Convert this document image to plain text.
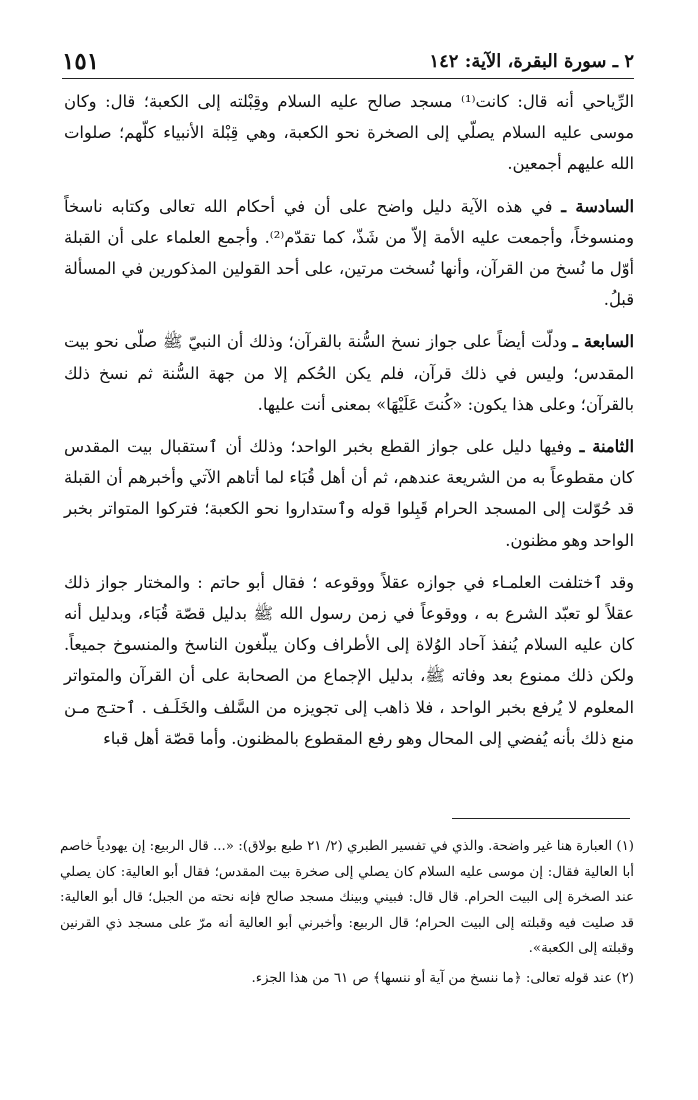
١٥١	٢ ـ سورة البقرة، الآية: ١٤٢

الرِّياحي أنه قال: كانت⁽¹⁾ مسجد صالح عليه السلام وقِبْلته إلى الكعبة؛ قال: وكان موسى عليه السلام يصلّي إلى الصخرة نحو الكعبة، وهي قِبْلة الأنبياء كلّهم؛ صلوات الله عليهم أجمعين.

السادسة ـ في هذه الآية دليل واضح على أن في أحكام الله تعالى وكتابه ناسخاً ومنسوخاً، وأجمعت عليه الأمة إلاّ من شَذّ، كما تقدّم⁽²⁾. وأجمع العلماء على أن القبلة أوّل ما نُسخ من القرآن، وأنها نُسخت مرتين، على أحد القولين المذكورين في المسألة قبلُ.

السابعة ـ ودلّت أيضاً على جواز نسخ السُّنة بالقرآن؛ وذلك أن النبيّ ﷺ صلّى نحو بيت المقدس؛ وليس في ذلك قرآن، فلم يكن الحُكم إلا من جهة السُّنة ثم نسخ ذلك بالقرآن؛ وعلى هذا يكون: «كُنتَ عَلَيْهَا» بمعنى أنت عليها.

الثامنة ـ وفيها دليل على جواز القطع بخبر الواحد؛ وذلك أن ٱستقبال بيت المقدس كان مقطوعاً به من الشريعة عندهم، ثم أن أهل قُبَاء لما أتاهم الآتي وأخبرهم أن القبلة قد حُوّلت إلى المسجد الحرام قَبِلوا قوله وٱستداروا نحو الكعبة؛ فتركوا المتواتر بخبر الواحد وهو مظنون.

وقد ٱختلفت العلمـاء في جوازه عقلاً ووقوعه ؛ فقال أبو حاتم : والمختار جواز ذلك عقلاً لو تعبّد الشرع به ، ووقوعاً في زمن رسول الله ﷺ بدليل قصّة قُبَاء، وبدليل أنه كان عليه السلام يُنفذ آحاد الوُلاة إلى الأطراف وكان يبلّغون الناسخ والمنسوخ جميعاً. ولكن ذلك ممنوع بعد وفاته ﷺ، بدليل الإجماع من الصحابة على أن القرآن والمتواتر المعلوم لا يُرفع بخبر الواحد ، فلا ذاهب إلى تجويزه من السَّلف والخَلَـف . ٱحتـج مـن منع ذلك بأنه يُفضي إلى المحال وهو رفع المقطوع بالمظنون. وأما قصّة أهل قباء

(١) العبارة هنا غير واضحة. والذي في تفسير الطبري (٢/ ٢١ طبع بولاق): «... قال الربيع: إن يهودياً خاصم أبا العالية فقال: إن موسى عليه السلام كان يصلي إلى صخرة بيت المقدس؛ فقال أبو العالية: كان يصلي عند الصخرة إلى البيت الحرام. قال قال: فبيني وبينك مسجد صالح فإنه نحته من الجبل؛ قال أبو العالية: قد صليت فيه وقبلته إلى البيت الحرام؛ قال الربيع: وأخبرني أبو العالية أنه مرّ على مسجد ذي القرنين وقبلته إلى الكعبة».

(٢) عند قوله تعالى: ﴿ما ننسخ من آية أو ننسها﴾ ص ٦١ من هذا الجزء.
